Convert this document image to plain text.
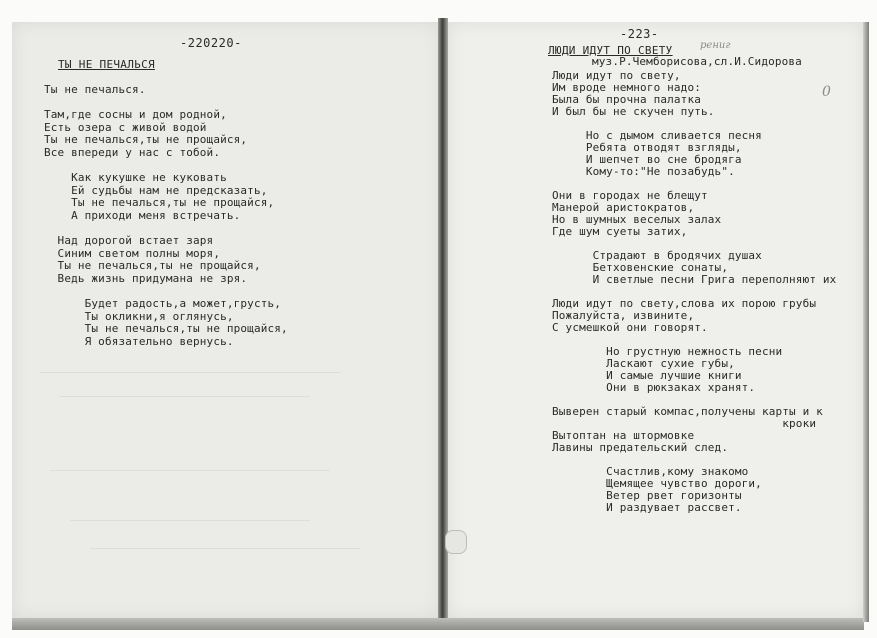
-220220-
ТЫ НЕ ПЕЧАЛЬСЯ
Ты не печалься.
Там,где сосны и дом родной,
Есть озера с живой водой
Ты не печалься,ты не прощайся,
Все впереди у нас с тобой.
Как кукушке не куковать
Ей судьбы нам не предсказать,
Ты не печалься,ты не прощайся,
А приходи меня встречать.
Над дорогой встает заря
Синим светом полны моря,
Ты не печалься,ты не прощайся,
Ведь жизнь придумана не зря.
Будет радость,а может,грусть,
Ты окликни,я оглянусь,
Ты не печалься,ты не прощайся,
Я обязательно вернусь.
-223-
ЛЮДИ ИДУТ ПО СВЕТУ	рениг
0
муз.Р.Чемборисова,сл.И.Сидорова
Люди идут по свету,
Им вроде немного надо:
Была бы прочна палатка
И был бы не скучен путь.
Но с дымом сливается песня
Ребята отводят взгляды,
И шепчет во сне бродяга
Кому-то:"Не позабудь".
Они в городах не блещут
Манерой аристократов,
Но в шумных веселых залах
Где шум суеты затих,
Страдают в бродячих душах
Бетховенские сонаты,
И светлые песни Грига переполняют их
Люди идут по свету,слова их порою грубы
Пожалуйста, извините,
С усмешкой они говорят.
Но грустную нежность песни
Ласкают сухие губы,
И самые лучшие книги
Они в рюкзаках хранят.
Выверен старый компас,получены карты и к
кроки
Вытоптан на штормовке
Лавины предательский след.
Счастлив,кому знакомо
Щемящее чувство дороги,
Ветер рвет горизонты
И раздувает рассвет.
